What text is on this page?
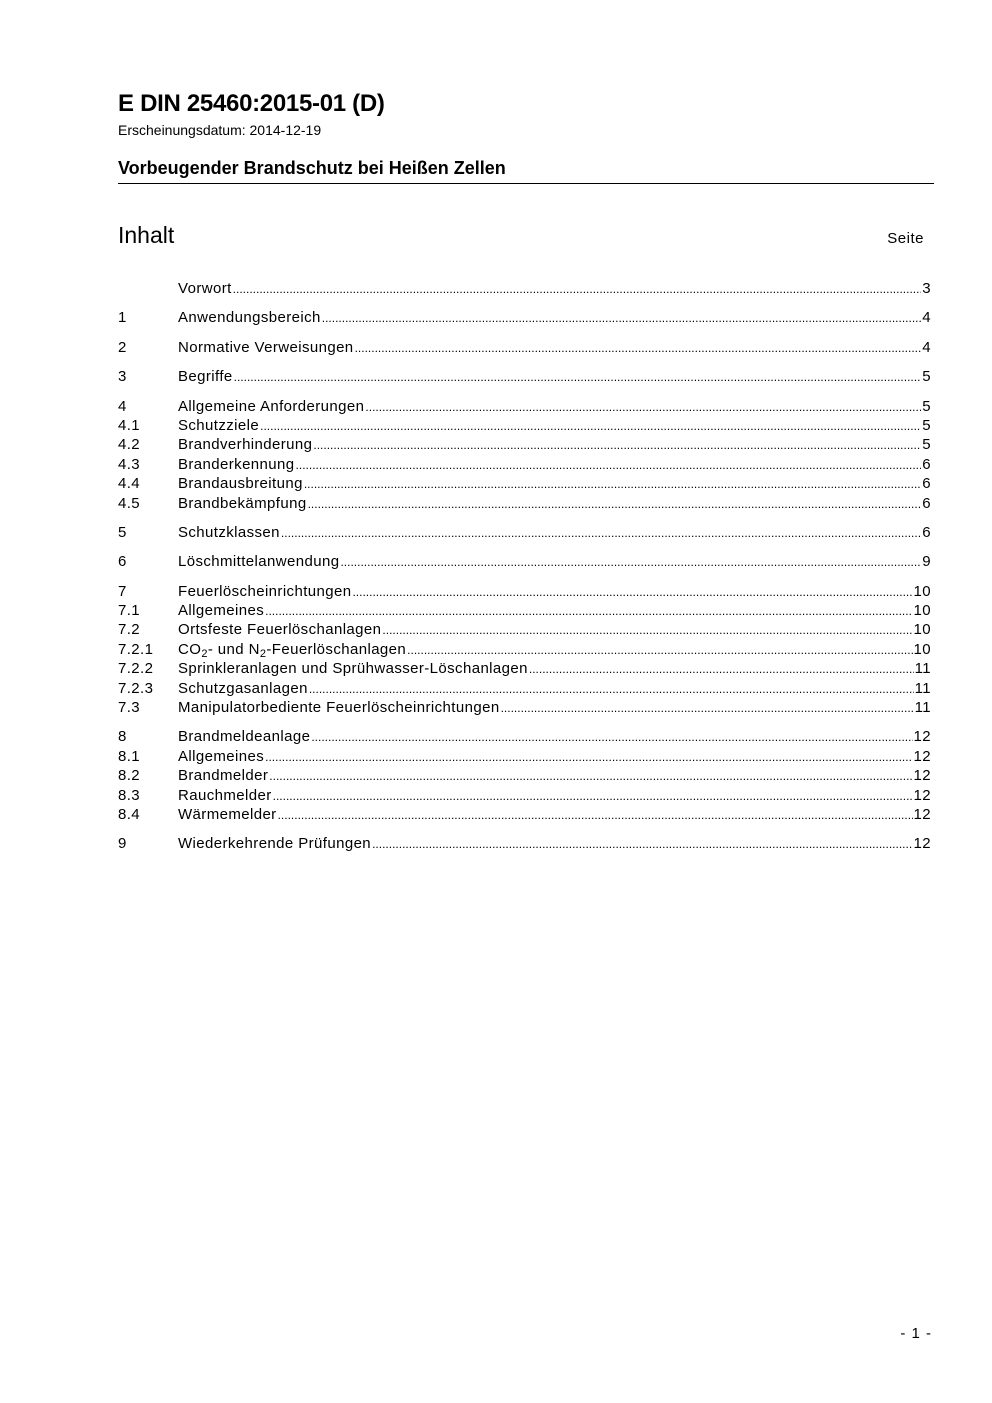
E DIN 25460:2015-01 (D)
Erscheinungsdatum: 2014-12-19
Vorbeugender Brandschutz bei Heißen Zellen
Inhalt	Seite
Vorwort .....	3
1	Anwendungsbereich .....	4
2	Normative Verweisungen .....	4
3	Begriffe .....	5
4	Allgemeine Anforderungen .....	5
4.1	Schutzziele .....	5
4.2	Brandverhinderung .....	5
4.3	Branderkennung .....	6
4.4	Brandausbreitung .....	6
4.5	Brandbekämpfung .....	6
5	Schutzklassen .....	6
6	Löschmittelanwendung .....	9
7	Feuerlöscheinrichtungen .....	10
7.1	Allgemeines .....	10
7.2	Ortsfeste Feuerlöschanlagen .....	10
7.2.1	$CO_2-$ und $N_2$-Feuerlöschanlagen .....	10
7.2.2	Sprinkleranlagen und Sprühwasser-Löschanlagen .....	11
7.2.3	Schutzgasanlagen .....	11
7.3	Manipulatorbediente Feuerlöscheinrichtungen .....	11
8	Brandmeldeanlage .....	12
8.1	Allgemeines .....	12
8.2	Brandmelder .....	12
8.3	Rauchmelder .....	12
8.4	Wärmemelder .....	12
9	Wiederkehrende Prüfungen .....	12
- 1 -
